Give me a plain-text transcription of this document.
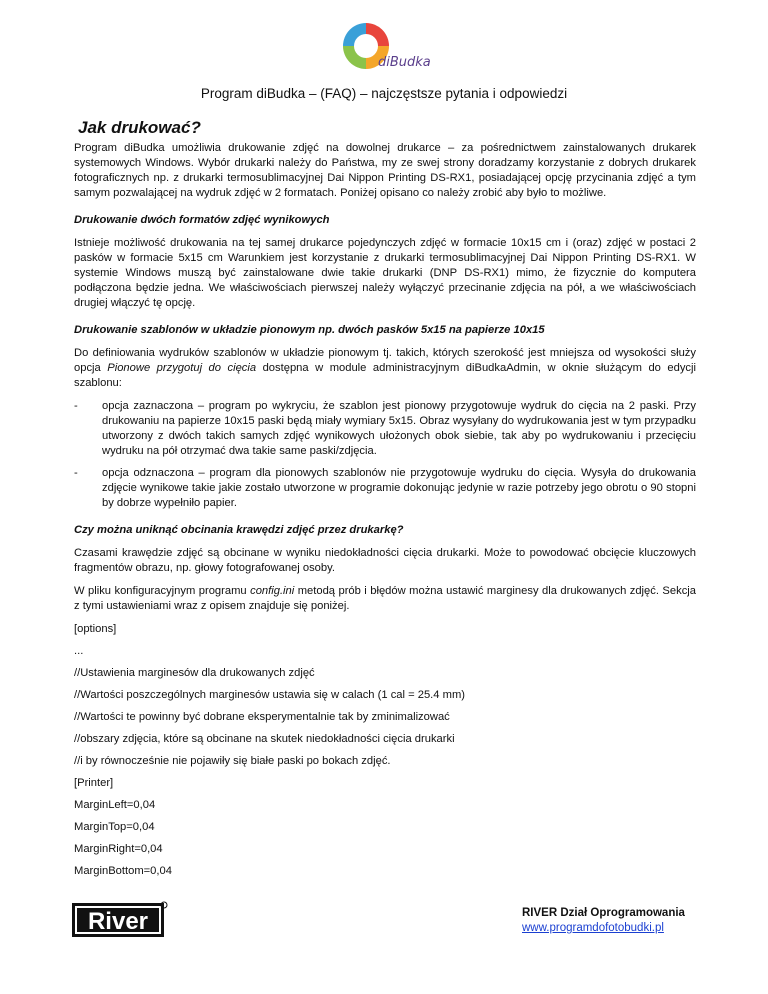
diBudka
Program diBudka – (FAQ) – najczęstsze pytania i odpowiedzi
Jak drukować?

Program diBudka umożliwia drukowanie zdjęć na dowolnej drukarce – za pośrednictwem zainstalowanych drukarek systemowych Windows. Wybór drukarki należy do Państwa, my ze swej strony doradzamy korzystanie z dobrych drukarek fotograficznych np. z drukarki termosublimacyjnej Dai Nippon Printing DS-RX1, posiadającej opcję przycinania zdjęć a tym samym pozwalającej na wydruk zdjęć w 2 formatach. Poniżej opisano co należy zrobić aby było to możliwe.

Drukowanie dwóch formatów zdjęć wynikowych

Istnieje możliwość drukowania na tej samej drukarce pojedynczych zdjęć w formacie 10x15 cm i (oraz) zdjęć w postaci 2 pasków w formacie 5x15 cm Warunkiem jest korzystanie z drukarki termosublimacyjnej Dai Nippon Printing DS-RX1. W systemie Windows muszą być zainstalowane dwie takie drukarki (DNP DS-RX1) mimo, że fizycznie do komputera podłączona będzie jedna. We właściwościach pierwszej należy wyłączyć przecinanie zdjęcia na pół, a we właściwościach drugiej włączyć tę opcję.

Drukowanie szablonów w układzie pionowym np. dwóch pasków 5x15 na papierze 10x15

Do definiowania wydruków szablonów w układzie pionowym tj. takich, których szerokość jest mniejsza od wysokości służy opcja Pionowe przygotuj do cięcia dostępna w module administracyjnym diBudkaAdmin, w oknie służącym do edycji szablonu:

-	opcja zaznaczona – program po wykryciu, że szablon jest pionowy przygotowuje wydruk do cięcia na 2 paski. Przy drukowaniu na papierze 10x15 paski będą miały wymiary 5x15. Obraz wysyłany do wydrukowania jest w tym przypadku utworzony z dwóch takich samych zdjęć wynikowych ułożonych obok siebie, tak aby po wydrukowaniu i przecięciu wydruku na pół otrzymać dwa takie same paski/zdjęcia.
-	opcja odznaczona – program dla pionowych szablonów nie przygotowuje wydruku do cięcia. Wysyła do drukowania zdjęcie wynikowe takie jakie zostało utworzone w programie dokonując jedynie w razie potrzeby jego obrotu o 90 stopni by dobrze wypełniło papier.
Czy można uniknąć obcinania krawędzi zdjęć przez drukarkę?

Czasami krawędzie zdjęć są obcinane w wyniku niedokładności cięcia drukarki. Może to powodować obcięcie kluczowych fragmentów obrazu, np. głowy fotografowanej osoby.

W pliku konfiguracyjnym programu config.ini metodą prób i błędów można ustawić marginesy dla drukowanych zdjęć. Sekcja z tymi ustawieniami wraz z opisem znajduje się poniżej.

[options]
...
//Ustawienia marginesów dla drukowanych zdjęć
//Wartości poszczególnych marginesów ustawia się w calach (1 cal = 25.4 mm)
//Wartości te powinny być dobrane eksperymentalnie tak by zminimalizować
//obszary zdjęcia, które są obcinane na skutek niedokładności cięcia drukarki
//i by równocześnie nie pojawiły się białe paski po bokach zdjęć.
[Printer]
MarginLeft=0,04
MarginTop=0,04
MarginRight=0,04
MarginBottom=0,04
River	RIVER Dział Oprogramowania
www.programdofotobudki.pl
